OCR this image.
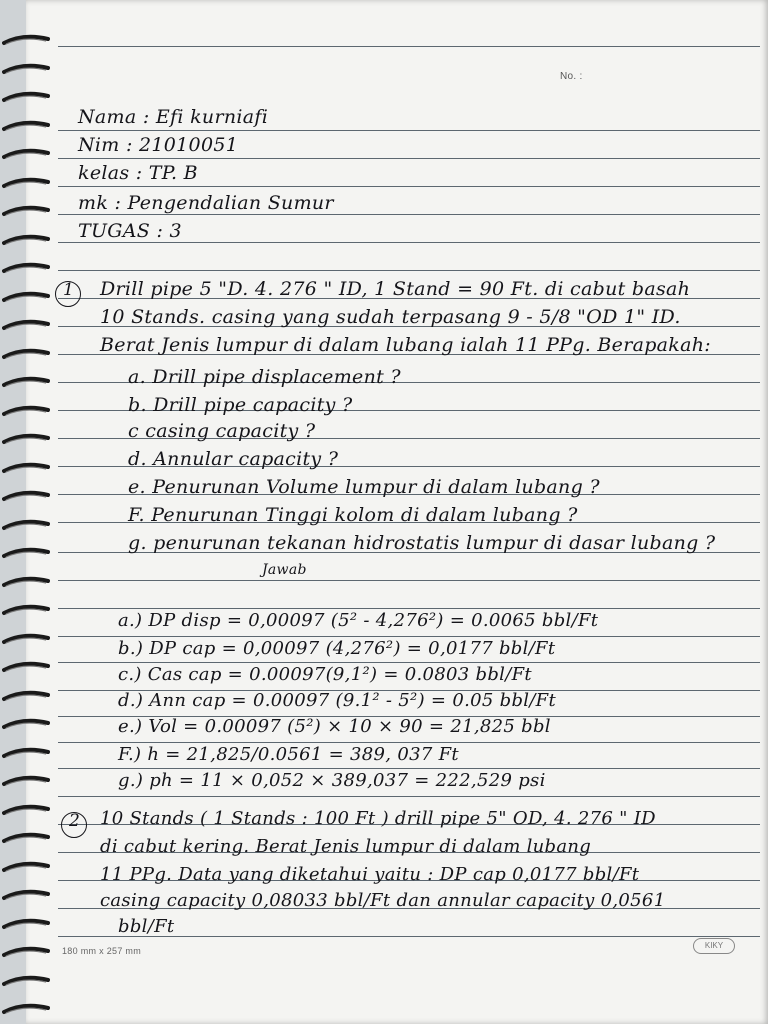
No. :
Nama : Efi kurniafi
Nim : 21010051
kelas : TP. B
mk : Pengendalian Sumur
TUGAS : 3
1 Drill pipe 5 "D. 4. 276 " ID, 1 Stand = 90 Ft. di cabut basah
10 Stands. casing yang sudah terpasang 9 - 5/8 "OD 1" ID.
Berat Jenis lumpur di dalam lubang ialah 11 PPg. Berapakah:
a. Drill pipe displacement ?
b. Drill pipe capacity ?
c casing capacity ?
d. Annular capacity ?
e. Penurunan Volume lumpur di dalam lubang ?
F. Penurunan Tinggi kolom di dalam lubang ?
g. penurunan tekanan hidrostatis lumpur di dasar lubang ?
Jawab
a.) DP disp = 0,00097 (5² - 4,276²) = 0.0065 bbl/Ft
b.) DP cap = 0,00097 (4,276²) = 0,0177 bbl/Ft
c.) Cas cap = 0.00097(9,1²) = 0.0803 bbl/Ft
d.) Ann cap = 0.00097 (9.1² - 5²) = 0.05 bbl/Ft
e.) Vol = 0.00097 (5²) × 10 × 90 = 21,825 bbl
F.) h = 21,825/0.0561 = 389, 037 Ft
g.) ph = 11 × 0,052 × 389,037 = 222,529 psi
2 10 Stands ( 1 Stands : 100 Ft ) drill pipe 5" OD, 4. 276 " ID
di cabut kering. Berat Jenis lumpur di dalam lubang
11 PPg. Data yang diketahui yaitu : DP cap 0,0177 bbl/Ft
casing capacity 0,08033 bbl/Ft dan annular capacity 0,0561
bbl/Ft
180 mm x 257 mm
KIKY
